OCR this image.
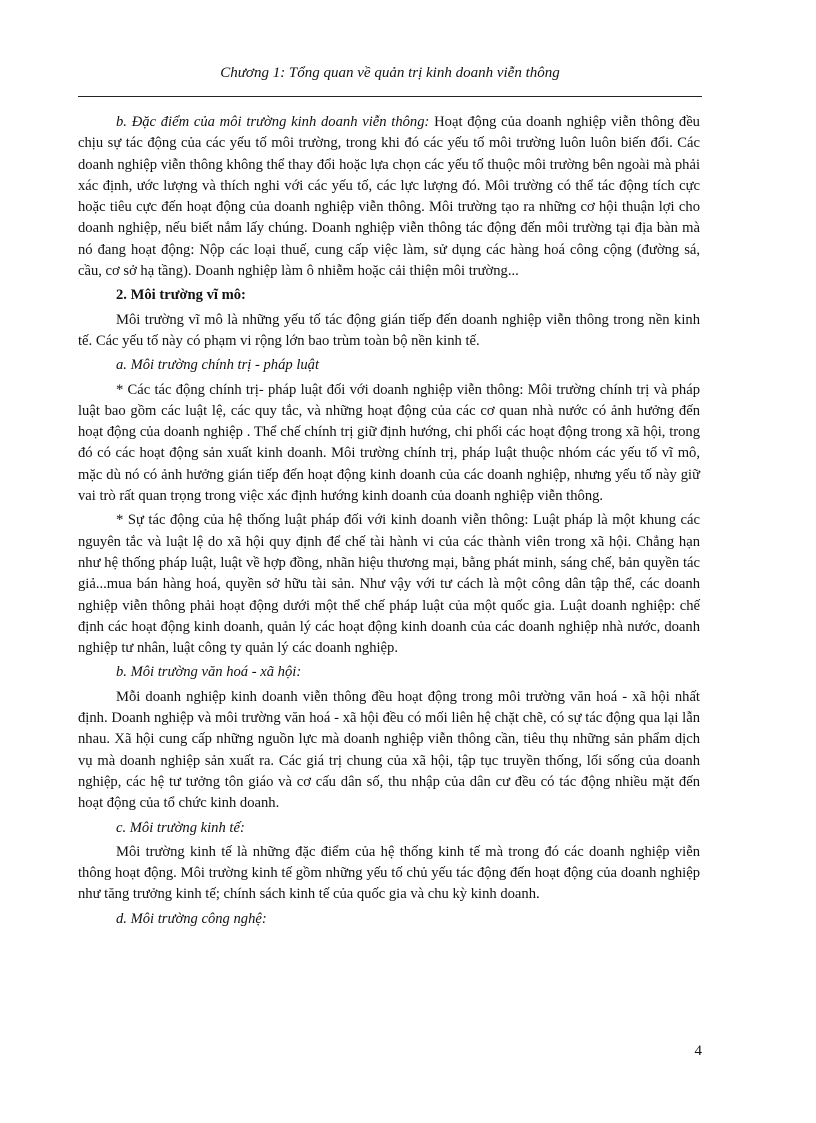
Chương 1: Tổng quan về quản trị kinh doanh viễn thông

b. Đặc điểm của môi trường kinh doanh viễn thông: Hoạt động của doanh nghiệp viễn thông đều chịu sự tác động của các yếu tố môi trường, trong khi đó các yếu tố môi trường luôn luôn biến đổi. Các doanh nghiệp viễn thông không thể thay đổi hoặc lựa chọn các yếu tố thuộc môi trường bên ngoài mà phải xác định, ước lượng và thích nghi với các yếu tố, các lực lượng đó. Môi trường có thể tác động tích cực hoặc tiêu cực đến hoạt động của doanh nghiệp viễn thông. Môi trường tạo ra những cơ hội thuận lợi cho doanh nghiệp, nếu biết nắm lấy chúng. Doanh nghiệp viễn thông tác động đến môi trường tại địa bàn mà nó đang hoạt động: Nộp các loại thuế, cung cấp việc làm, sử dụng các hàng hoá công cộng (đường sá, cầu, cơ sở hạ tầng). Doanh nghiệp làm ô nhiễm hoặc cải thiện môi trường...

2. Môi trường vĩ mô:

Môi trường vĩ mô là những yếu tố tác động gián tiếp đến doanh nghiệp viễn thông trong nền kinh tế. Các yếu tố này có phạm vi rộng lớn bao trùm toàn bộ nền kinh tế.

a. Môi trường chính trị - pháp luật

* Các tác động chính trị- pháp luật đối với doanh nghiệp viễn thông: Môi trường chính trị và pháp luật bao gồm các luật lệ, các quy tắc, và những hoạt động của các cơ quan nhà nước có ảnh hưởng đến hoạt động của doanh nghiệp . Thể chế chính trị giữ định hướng, chi phối các hoạt động trong xã hội, trong đó có các hoạt động sản xuất kinh doanh. Môi trường chính trị, pháp luật thuộc nhóm các yếu tố vĩ mô, mặc dù nó có ảnh hưởng gián tiếp đến hoạt động kinh doanh của các doanh nghiệp, nhưng yếu tố này giữ vai trò rất quan trọng trong việc xác định hướng kinh doanh của doanh nghiệp viễn thông.

* Sự tác động của hệ thống luật pháp đối với kinh doanh viễn thông: Luật pháp là một khung các nguyên tắc và luật lệ do xã hội quy định để chế tài hành vi của các thành viên trong xã hội. Chẳng hạn như hệ thống pháp luật, luật về hợp đồng, nhãn hiệu thương mại, bằng phát minh, sáng chế, bản quyền tác giả...mua bán hàng hoá, quyền sở hữu tài sản. Như vậy với tư cách là một công dân tập thể, các doanh nghiệp viễn thông phải hoạt động dưới một thể chế pháp luật của một quốc gia. Luật doanh nghiệp: chế định các hoạt động kinh doanh, quản lý các hoạt động kinh doanh của các doanh nghiệp nhà nước, doanh nghiệp tư nhân, luật công ty quản lý các doanh nghiệp.

b. Môi trường văn hoá - xã hội:

Mỗi doanh nghiệp kinh doanh viễn thông đều hoạt động trong môi trường văn hoá - xã hội nhất định. Doanh nghiệp và môi trường văn hoá - xã hội đều có mối liên hệ chặt chẽ, có sự tác động qua lại lẫn nhau. Xã hội cung cấp những nguồn lực mà doanh nghiệp viễn thông cần, tiêu thụ những sản phẩm dịch vụ mà doanh nghiệp sản xuất ra. Các giá trị chung của xã hội, tập tục truyền thống, lối sống của doanh nghiệp, các hệ tư tưởng tôn giáo và cơ cấu dân số, thu nhập của dân cư đều có tác động nhiều mặt đến hoạt động của tổ chức kinh doanh.

c. Môi trường kinh tế:

Môi trường kinh tế là những đặc điểm của hệ thống kinh tế mà trong đó các doanh nghiệp viễn thông hoạt động. Môi trường kinh tế gồm những yếu tố chủ yếu tác động đến hoạt động của doanh nghiệp như tăng trưởng kinh tế; chính sách kinh tế của quốc gia và chu kỳ kinh doanh.

d. Môi trường công nghệ:

4
